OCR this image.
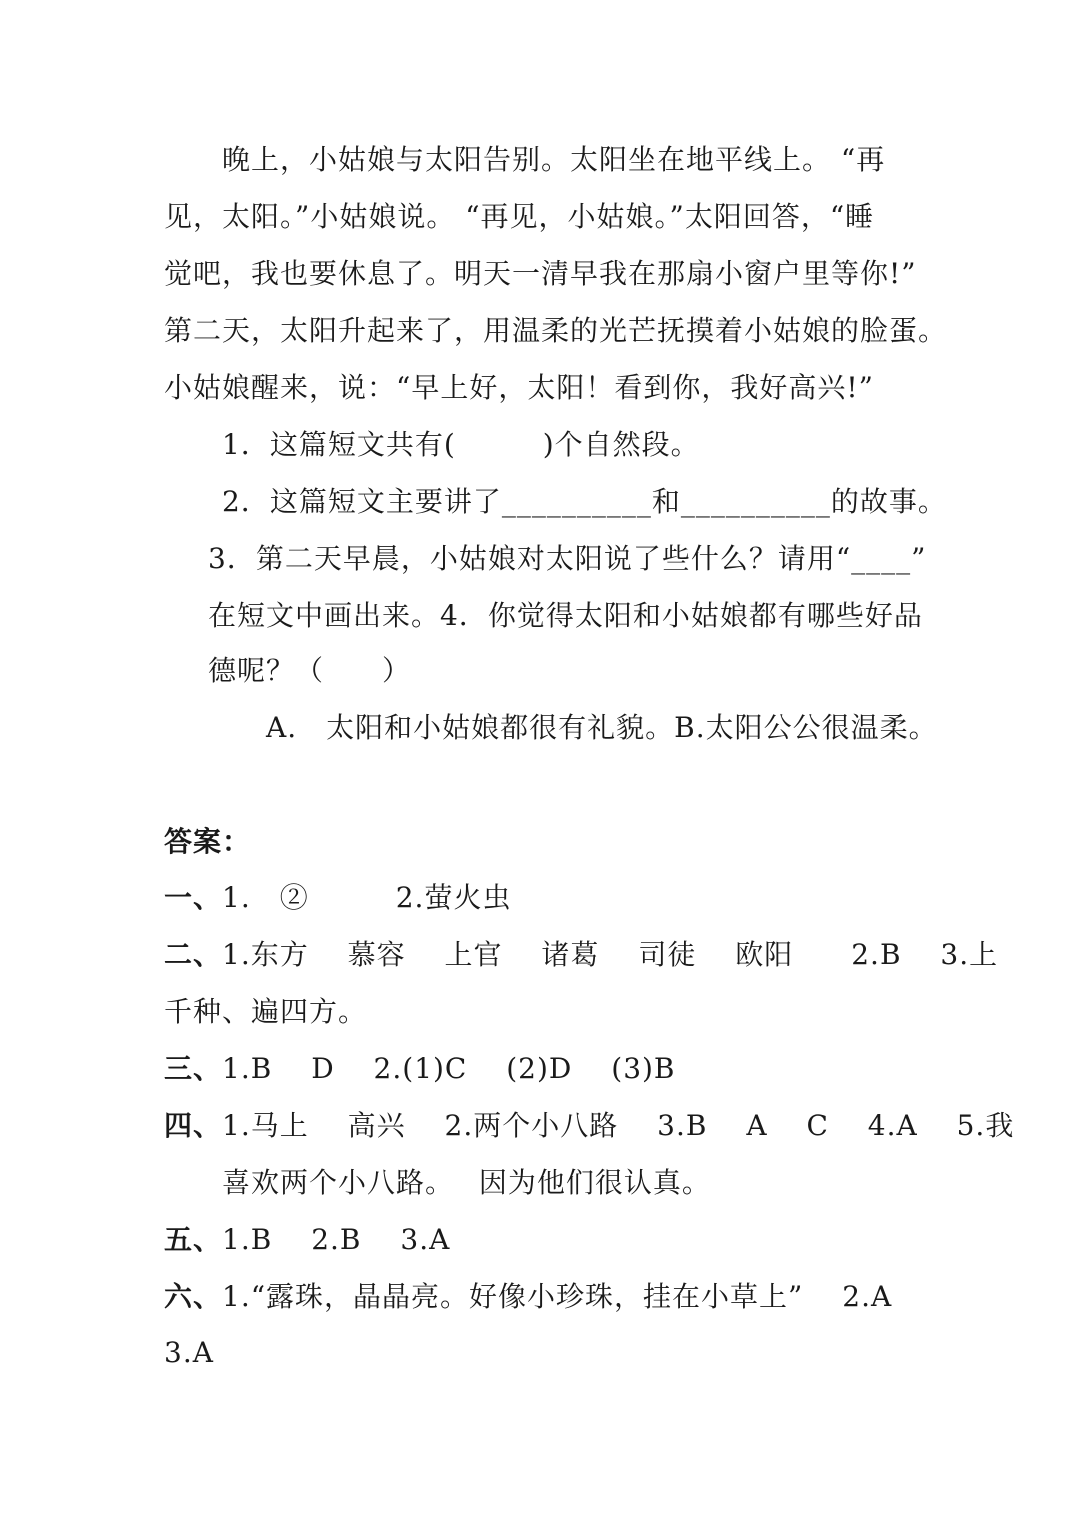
晚上，小姑娘与太阳告别。太阳坐在地平线上。 “再
见，太阳。”小姑娘说。 “再见，小姑娘。”太阳回答，“睡
觉吧，我也要休息了。明天一清早我在那扇小窗户里等你!”
第二天，太阳升起来了，用温柔的光芒抚摸着小姑娘的脸蛋。
小姑娘醒来，说：“早上好，太阳！看到你，我好高兴!”
1．这篇短文共有(　　　)个自然段。
2．这篇短文主要讲了__________和__________的故事。
3．第二天早晨，小姑娘对太阳说了些什么？请用“____”
在短文中画出来。4．你觉得太阳和小姑娘都有哪些好品
德呢？（　　）
A.　太阳和小姑娘都很有礼貌。B.太阳公公很温柔。
答案：
一、1.　②　　　2.萤火虫
二、1.东方　 慕容　 上官　 诸葛　 司徒　 欧阳　　2.B　 3.上
千种、遍四方。
三、1.B　 D　 2.(1)C　 (2)D　 (3)B
四、1.马上　 高兴　 2.两个小八路　 3.B　 A　 C　 4.A　 5.我
喜欢两个小八路。　 因为他们很认真。
五、1.B　 2.B　 3.A
六、1.“露珠，晶晶亮。好像小珍珠，挂在小草上”　 2.A
3.A
